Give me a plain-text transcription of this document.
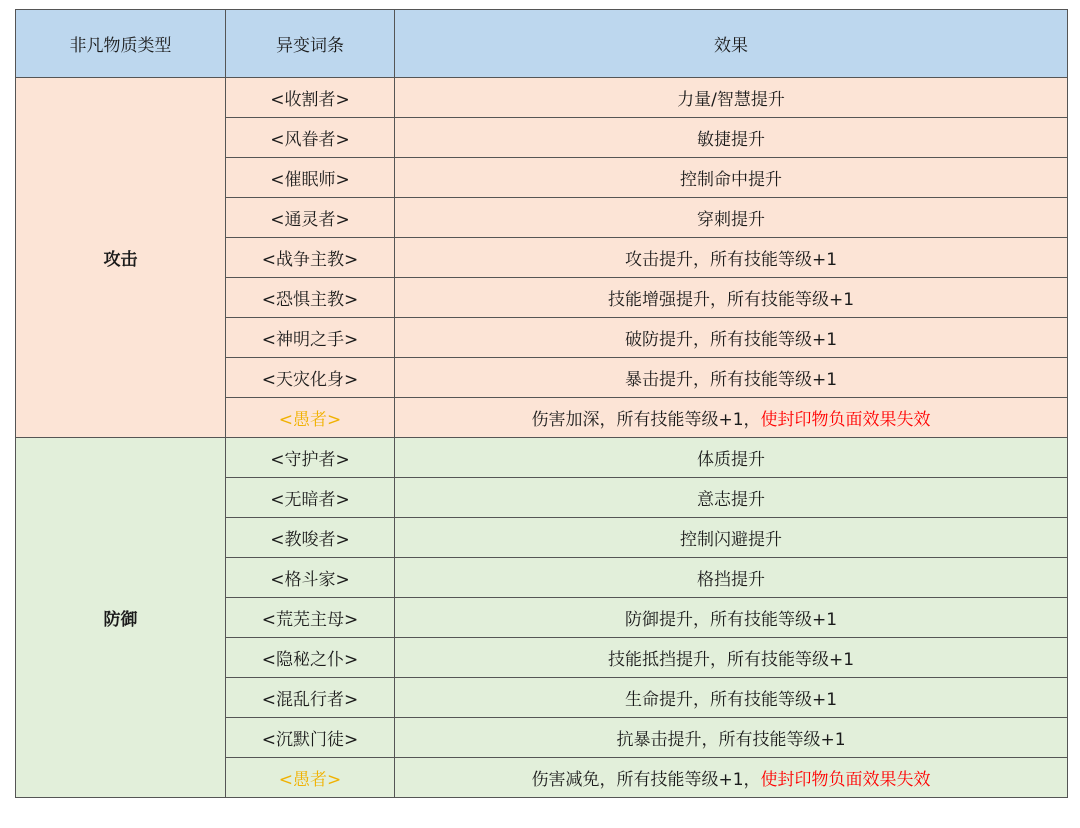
非凡物质类型	异变词条	效果
攻击	<收割者>	力量/智慧提升
	<风眷者>	敏捷提升
	<催眠师>	控制命中提升
	<通灵者>	穿刺提升
	<战争主教>	攻击提升，所有技能等级+1
	<恐惧主教>	技能增强提升，所有技能等级+1
	<神明之手>	破防提升，所有技能等级+1
	<天灾化身>	暴击提升，所有技能等级+1
	<愚者>	伤害加深，所有技能等级+1，使封印物负面效果失效
防御	<守护者>	体质提升
	<无暗者>	意志提升
	<教唆者>	控制闪避提升
	<格斗家>	格挡提升
	<荒芜主母>	防御提升，所有技能等级+1
	<隐秘之仆>	技能抵挡提升，所有技能等级+1
	<混乱行者>	生命提升，所有技能等级+1
	<沉默门徒>	抗暴击提升，所有技能等级+1
	<愚者>	伤害减免，所有技能等级+1，使封印物负面效果失效
